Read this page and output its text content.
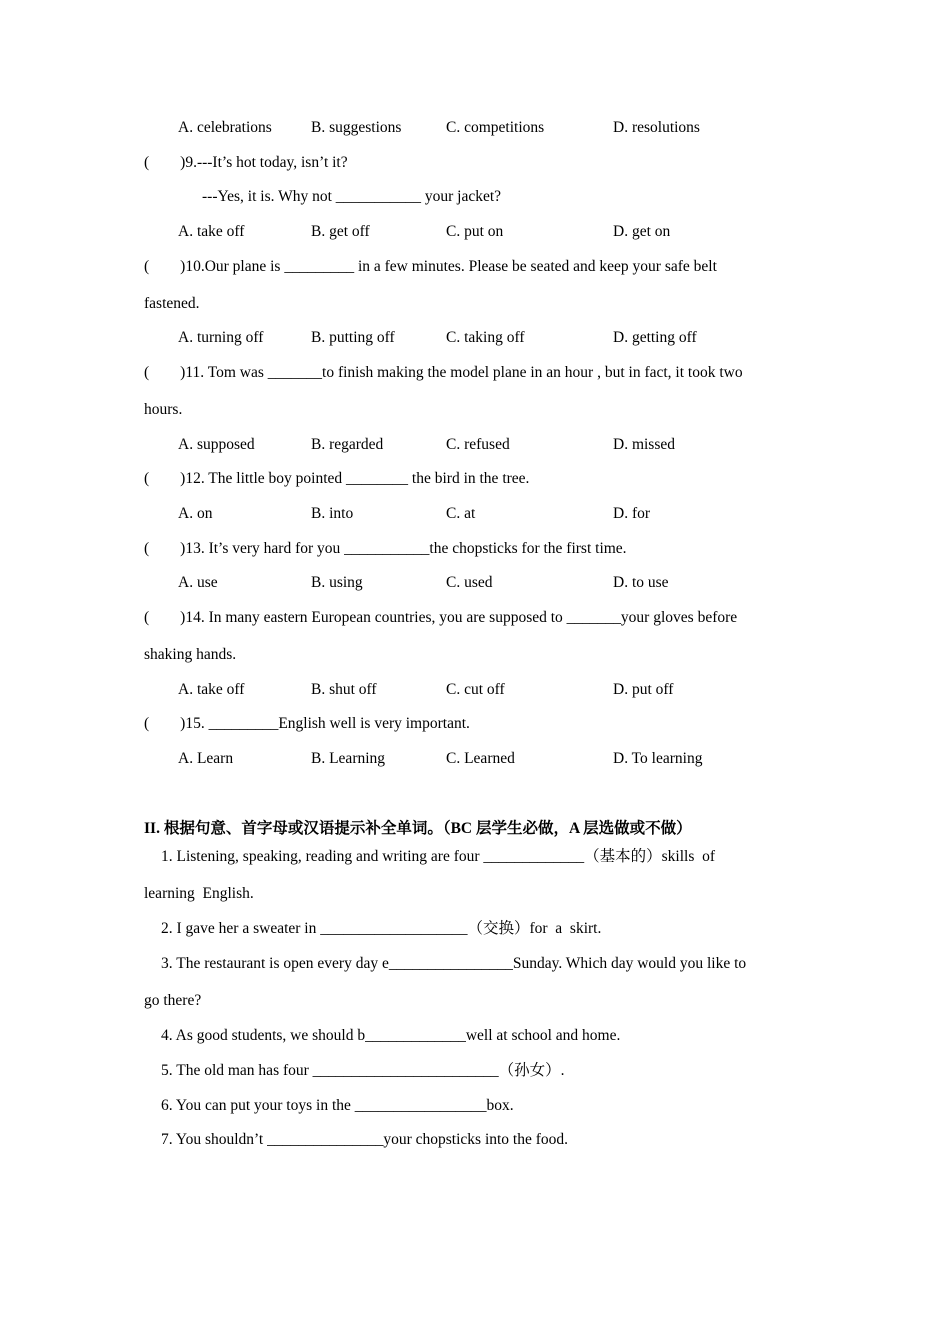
A. celebrations	B. suggestions	C. competitions	D. resolutions
(        )9.---It’s hot today, isn’t it?
---Yes, it is. Why not ___________ your jacket?
A. take off	B. get off	C. put on	D. get on
(        )10.Our plane is _________ in a few minutes. Please be seated and keep your safe belt
fastened.
A. turning off	B. putting off	C. taking off	D. getting off
(        )11. Tom was _______to finish making the model plane in an hour , but in fact, it took two
hours.
A. supposed	B. regarded	C. refused	D. missed
(        )12. The little boy pointed ________ the bird in the tree.
A. on	B. into	C. at	D. for
(        )13. It’s very hard for you ___________the chopsticks for the first time.
A. use	B. using	C. used	D. to use
(        )14. In many eastern European countries, you are supposed to _______your gloves before
shaking hands.
A. take off	B. shut off	C. cut off	D. put off
(        )15. _________English well is very important.
A. Learn	B. Learning	C. Learned	D. To learning
II. 根据句意、首字母或汉语提示补全单词。（BC 层学生必做，A 层选做或不做）
1. Listening, speaking, reading and writing are four _____________（基本的）skills  of
learning  English.
2. I gave her a sweater in ___________________（交换）for  a  skirt.
3. The restaurant is open every day e________________Sunday. Which day would you like to
go there?
4. As good students, we should b_____________well at school and home.
5. The old man has four ________________________（孙女）.
6. You can put your toys in the _________________box.
7. You shouldn’t _______________your chopsticks into the food.
